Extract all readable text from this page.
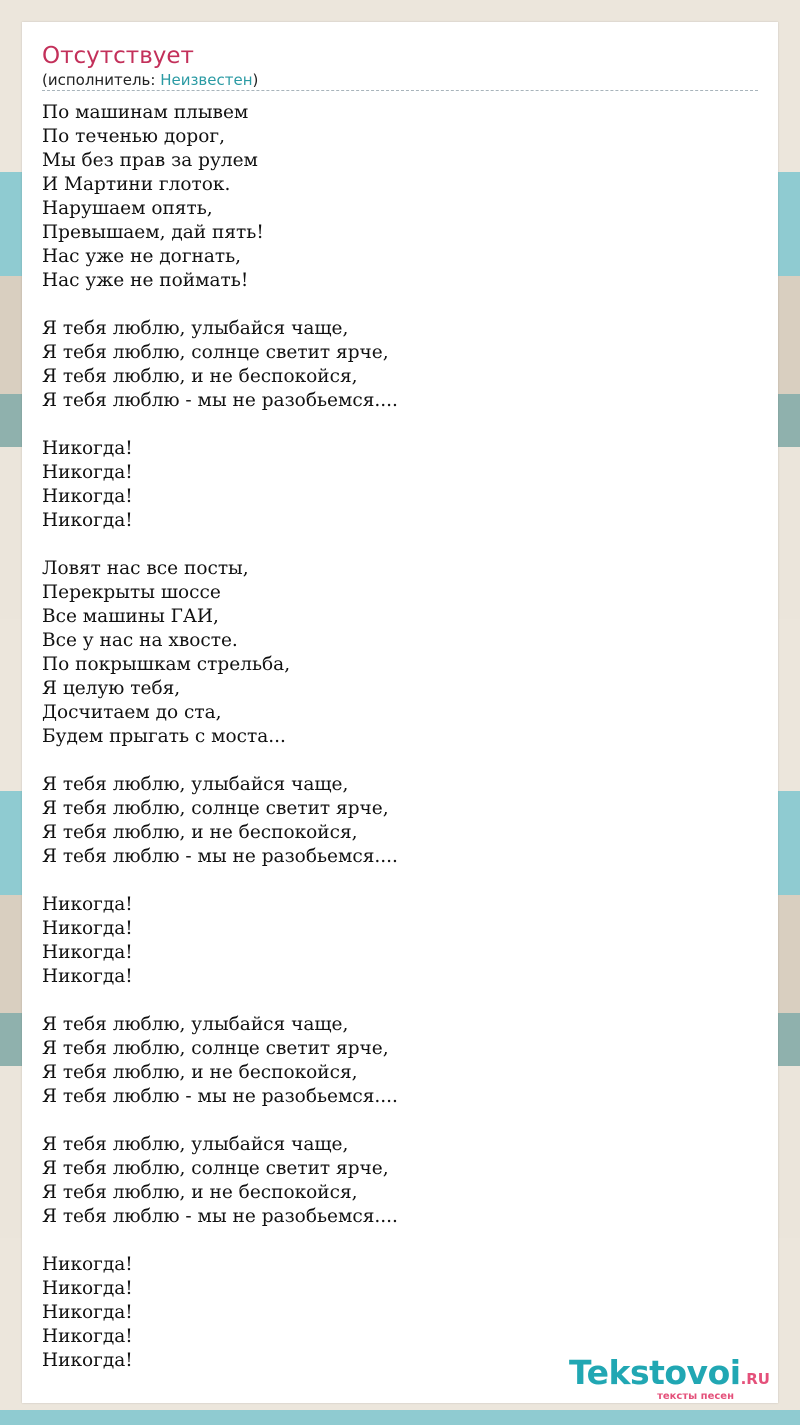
Отсутствует
(исполнитель: Неизвестен)
По машинам плывем
По теченью дорог,
Мы без прав за рулем
И Мартини глоток.
Нарушаем опять,
Превышаем, дай пять!
Нас уже не догнать,
Нас уже не поймать!

Я тебя люблю, улыбайся чаще,
Я тебя люблю, солнце светит ярче,
Я тебя люблю, и не беспокойся,
Я тебя люблю - мы не разобьемся....

Никогда!
Никогда!
Никогда!
Никогда!

Ловят нас все посты,
Перекрыты шоссе
Все машины ГАИ,
Все у нас на хвосте.
По покрышкам стрельба,
Я целую тебя,
Досчитаем до ста,
Будем прыгать с моста...

Я тебя люблю, улыбайся чаще,
Я тебя люблю, солнце светит ярче,
Я тебя люблю, и не беспокойся,
Я тебя люблю - мы не разобьемся....

Никогда!
Никогда!
Никогда!
Никогда!

Я тебя люблю, улыбайся чаще,
Я тебя люблю, солнце светит ярче,
Я тебя люблю, и не беспокойся,
Я тебя люблю - мы не разобьемся....

Я тебя люблю, улыбайся чаще,
Я тебя люблю, солнце светит ярче,
Я тебя люблю, и не беспокойся,
Я тебя люблю - мы не разобьемся....

Никогда!
Никогда!
Никогда!
Никогда!
Никогда!	Tekstovoi.RU
тексты песен
